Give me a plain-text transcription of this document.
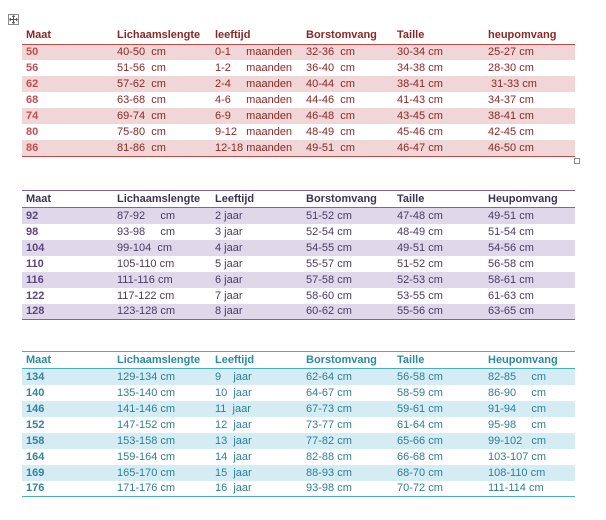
Maat	Lichaamslengte	leeftijd	Borstomvang	Taille	heupomvang
50	40-50  cm	0-1     maanden	32-36  cm	30-34 cm	25-27 cm
56	51-56  cm	1-2     maanden	36-40  cm	34-38 cm	28-30 cm
62	57-62  cm	2-4     maanden	40-44  cm	38-41 cm	31-33 cm
68	63-68  cm	4-6     maanden	44-46  cm	41-43 cm	34-37 cm
74	69-74  cm	6-9     maanden	46-48  cm	43-45 cm	38-41 cm
80	75-80  cm	9-12   maanden	48-49  cm	45-46 cm	42-45 cm
86	81-86  cm	12-18 maanden	49-51  cm	46-47 cm	46-50 cm
Maat	Lichaamslengte	Leeftijd	Borstomvang	Taille	Heupomvang
92	87-92     cm	2 jaar	51-52 cm	47-48 cm	49-51 cm
98	93-98     cm	3 jaar	52-54 cm	48-49 cm	51-54 cm
104	99-104  cm	4 jaar	54-55 cm	49-51 cm	54-56 cm
110	105-110 cm	5 jaar	55-57 cm	51-52 cm	56-58 cm
116	111-116 cm	6 jaar	57-58 cm	52-53 cm	58-61 cm
122	117-122 cm	7 jaar	58-60 cm	53-55 cm	61-63 cm
128	123-128 cm	8 jaar	60-62 cm	55-56 cm	63-65 cm
Maat	Lichaamslengte	Leeftijd	Borstomvang	Taille	Heupomvang
134	129-134 cm	9    jaar	62-64 cm	56-58 cm	82-85     cm
140	135-140 cm	10  jaar	64-67 cm	58-59 cm	86-90     cm
146	141-146 cm	11  jaar	67-73 cm	59-61 cm	91-94     cm
152	147-152 cm	12  jaar	73-77 cm	61-64 cm	95-98     cm
158	153-158 cm	13  jaar	77-82 cm	65-66 cm	99-102   cm
164	159-164 cm	14  jaar	82-88 cm	66-68 cm	103-107 cm
169	165-170 cm	15  jaar	88-93 cm	68-70 cm	108-110 cm
176	171-176 cm	16  jaar	93-98 cm	70-72 cm	111-114 cm
